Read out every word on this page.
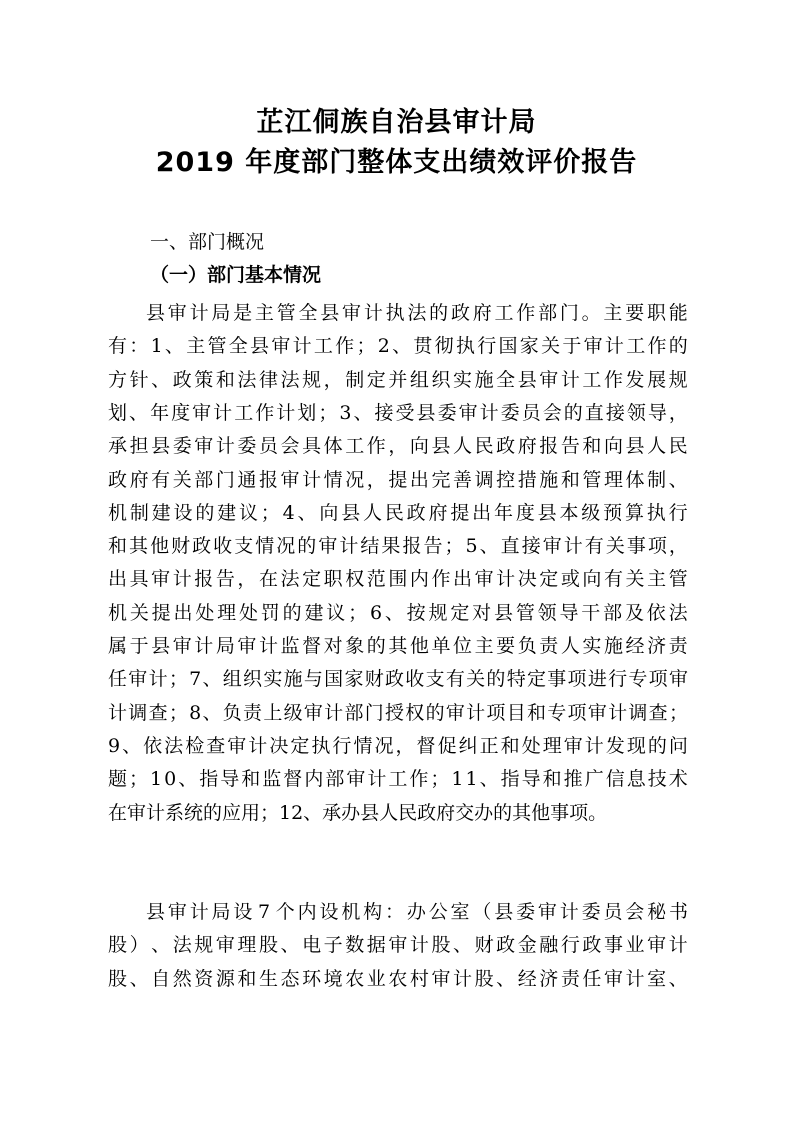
芷江侗族自治县审计局
2019 年度部门整体支出绩效评价报告
一、部门概况
（一）部门基本情况
县 审 计 局 是 主 管 全 县 审 计 执 法 的 政 府 工 作 部 门 。 主 要 职 能
有 ： 1 、 主 管 全 县 审 计 工 作 ； 2 、 贯 彻 执 行 国 家 关 于 审 计 工 作 的
方 针 、 政 策 和 法 律 法 规 ， 制 定 并 组 织 实 施 全 县 审 计 工 作 发 展 规
划 、 年 度 审 计 工 作 计 划 ； 3 、 接 受 县 委 审 计 委 员 会 的 直 接 领 导 ，
承 担 县 委 审 计 委 员 会 具 体 工 作 ， 向 县 人 民 政 府 报 告 和 向 县 人 民
政 府 有 关 部 门 通 报 审 计 情 况 ， 提 出 完 善 调 控 措 施 和 管 理 体 制 、
机 制 建 设 的 建 议 ； 4 、 向 县 人 民 政 府 提 出 年 度 县 本 级 预 算 执 行
和 其 他 财 政 收 支 情 况 的 审 计 结 果 报 告 ； 5 、 直 接 审 计 有 关 事 项 ，
出 具 审 计 报 告 ， 在 法 定 职 权 范 围 内 作 出 审 计 决 定 或 向 有 关 主 管
机 关 提 出 处 理 处 罚 的 建 议 ； 6 、 按 规 定 对 县 管 领 导 干 部 及 依 法
属 于 县 审 计 局 审 计 监 督 对 象 的 其 他 单 位 主 要 负 责 人 实 施 经 济 责
任 审 计 ； 7 、 组 织 实 施 与 国 家 财 政 收 支 有 关 的 特 定 事 项 进 行 专 项 审
计 调 查 ； 8 、 负 责 上 级 审 计 部 门 授 权 的 审 计 项 目 和 专 项 审 计 调 查 ；
9 、 依 法 检 查 审 计 决 定 执 行 情 况 ， 督 促 纠 正 和 处 理 审 计 发 现 的 问
题 ； 1 0 、 指 导 和 监 督 内 部 审 计 工 作 ； 1 1 、 指 导 和 推 广 信 息 技 术
在审计系统的应用；12、承办县人民政府交办的其他事项。
县 审 计 局 设 7 个 内 设 机 构 ： 办 公 室 （ 县 委 审 计 委 员 会 秘 书
股 ） 、 法 规 审 理 股 、 电 子 数 据 审 计 股 、 财 政 金 融 行 政 事 业 审 计
股 、 自 然 资 源 和 生 态 环 境 农 业 农 村 审 计 股 、 经 济 责 任 审 计 室 、
